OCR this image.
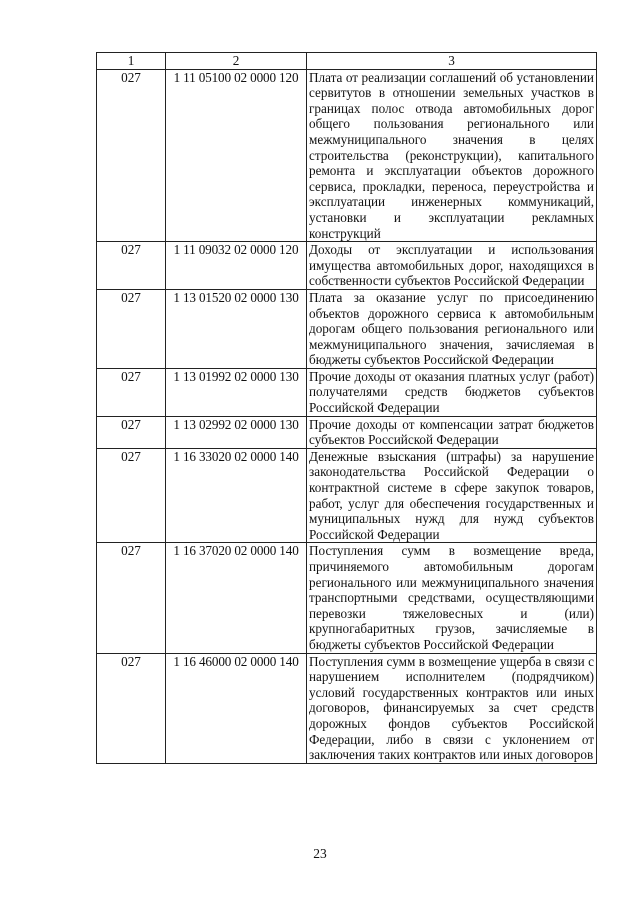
1	2	3
027	1 11 05100 02 0000 120	Плата от реализации соглашений об установлении сервитутов в отношении земельных участков в границах полос отвода автомобильных дорог общего пользования регионального или межмуниципального значения в целях строительства (реконструкции), капитального ремонта и эксплуатации объектов дорожного сервиса, прокладки, переноса, переустройства и эксплуатации инженерных коммуникаций, установки и эксплуатации рекламных конструкций
027	1 11 09032 02 0000 120	Доходы от эксплуатации и использования имущества автомобильных дорог, находящихся в собственности субъектов Российской Федерации
027	1 13 01520 02 0000 130	Плата за оказание услуг по присоединению объектов дорожного сервиса к автомобильным дорогам общего пользования регионального или межмуниципального значения, зачисляемая в бюджеты субъектов Российской Федерации
027	1 13 01992 02 0000 130	Прочие доходы от оказания платных услуг (работ) получателями средств бюджетов субъектов Российской Федерации
027	1 13 02992 02 0000 130	Прочие доходы от компенсации затрат бюджетов субъектов Российской Федерации
027	1 16 33020 02 0000 140	Денежные взыскания (штрафы) за нарушение законодательства Российской Федерации о контрактной системе в сфере закупок товаров, работ, услуг для обеспечения государственных и муниципальных нужд для нужд субъектов Российской Федерации
027	1 16 37020 02 0000 140	Поступления сумм в возмещение вреда, причиняемого автомобильным дорогам регионального или межмуниципального значения транспортными средствами, осуществляющими перевозки тяжеловесных и (или) крупногабаритных грузов, зачисляемые в бюджеты субъектов Российской Федерации
027	1 16 46000 02 0000 140	Поступления сумм в возмещение ущерба в связи с нарушением исполнителем (подрядчиком) условий государственных контрактов или иных договоров, финансируемых за счет средств дорожных фондов субъектов Российской Федерации, либо в связи с уклонением от заключения таких контрактов или иных договоров
23
